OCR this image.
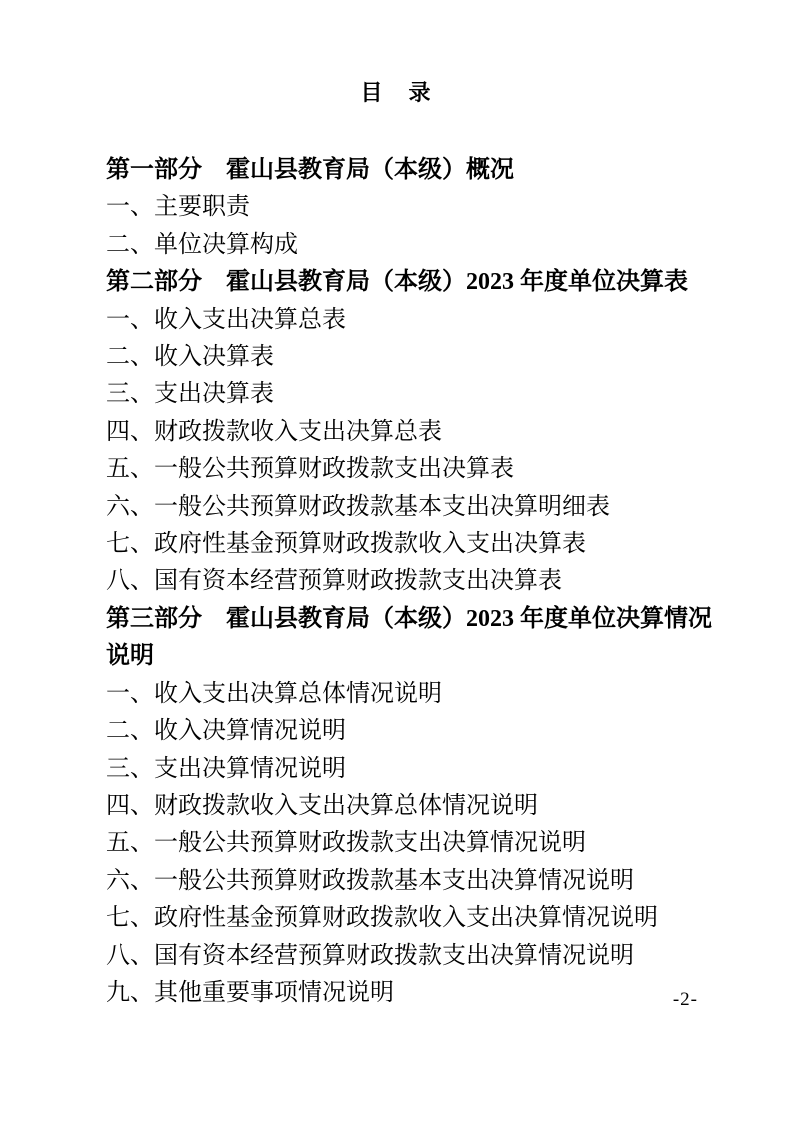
目　录
第一部分　霍山县教育局（本级）概况
一、主要职责
二、单位决算构成
第二部分　霍山县教育局（本级）2023 年度单位决算表
一、收入支出决算总表
二、收入决算表
三、支出决算表
四、财政拨款收入支出决算总表
五、一般公共预算财政拨款支出决算表
六、一般公共预算财政拨款基本支出决算明细表
七、政府性基金预算财政拨款收入支出决算表
八、国有资本经营预算财政拨款支出决算表
第三部分　霍山县教育局（本级）2023 年度单位决算情况
说明
一、收入支出决算总体情况说明
二、收入决算情况说明
三、支出决算情况说明
四、财政拨款收入支出决算总体情况说明
五、一般公共预算财政拨款支出决算情况说明
六、一般公共预算财政拨款基本支出决算情况说明
七、政府性基金预算财政拨款收入支出决算情况说明
八、国有资本经营预算财政拨款支出决算情况说明
九、其他重要事项情况说明	-2-
